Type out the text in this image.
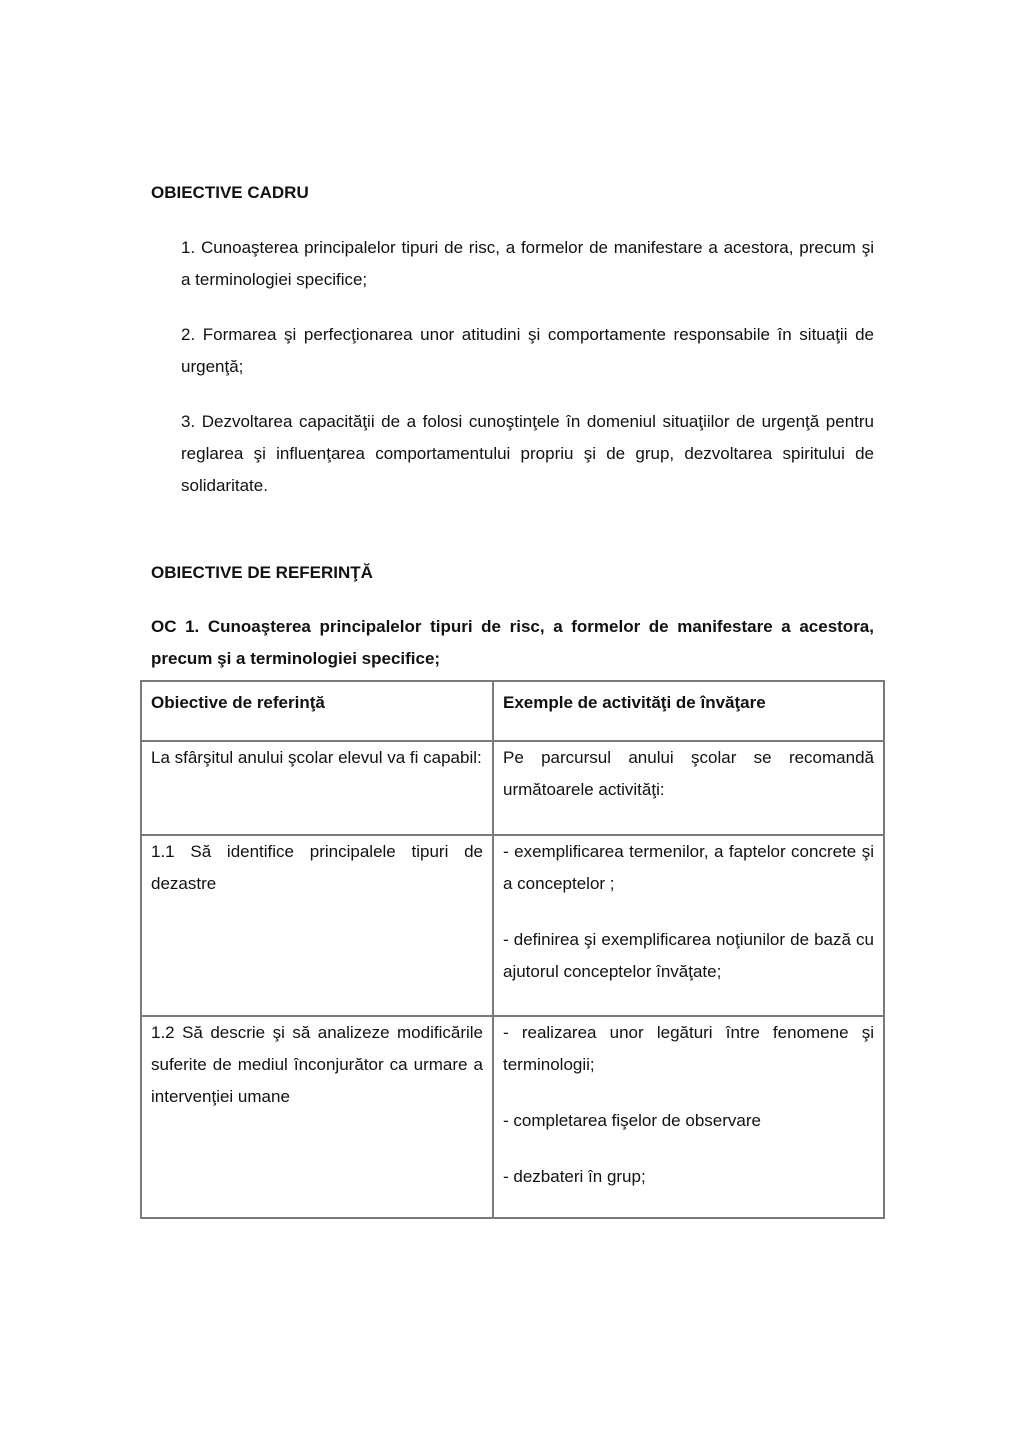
OBIECTIVE CADRU

1. Cunoaşterea principalelor tipuri de risc, a formelor de manifestare a acestora, precum şi a terminologiei specifice;

2. Formarea şi perfecţionarea unor atitudini şi comportamente responsabile în situaţii de urgenţă;

3. Dezvoltarea capacităţii de a folosi cunoştinţele în domeniul situaţiilor de urgenţă pentru reglarea şi influenţarea comportamentului propriu şi de grup, dezvoltarea spiritului de solidaritate.

OBIECTIVE DE REFERINŢĂ

OC 1. Cunoaşterea principalelor tipuri de risc, a formelor de manifestare a acestora, precum şi a terminologiei specifice;

Obiective de referinţă	Exemple de activităţi de învăţare

La sfârşitul anului şcolar elevul va fi capabil:	Pe parcursul anului şcolar se recomandă următoarele activităţi:

1.1 Să identifice principalele tipuri de dezastre	- exemplificarea termenilor, a faptelor concrete şi a conceptelor ;

- definirea şi exemplificarea noţiunilor de bază cu ajutorul conceptelor învăţate;

1.2 Să descrie şi să analizeze modificările suferite de mediul înconjurător ca urmare a intervenţiei umane	- realizarea unor legături între fenomene şi terminologii;

- completarea fişelor de observare

- dezbateri în grup;
